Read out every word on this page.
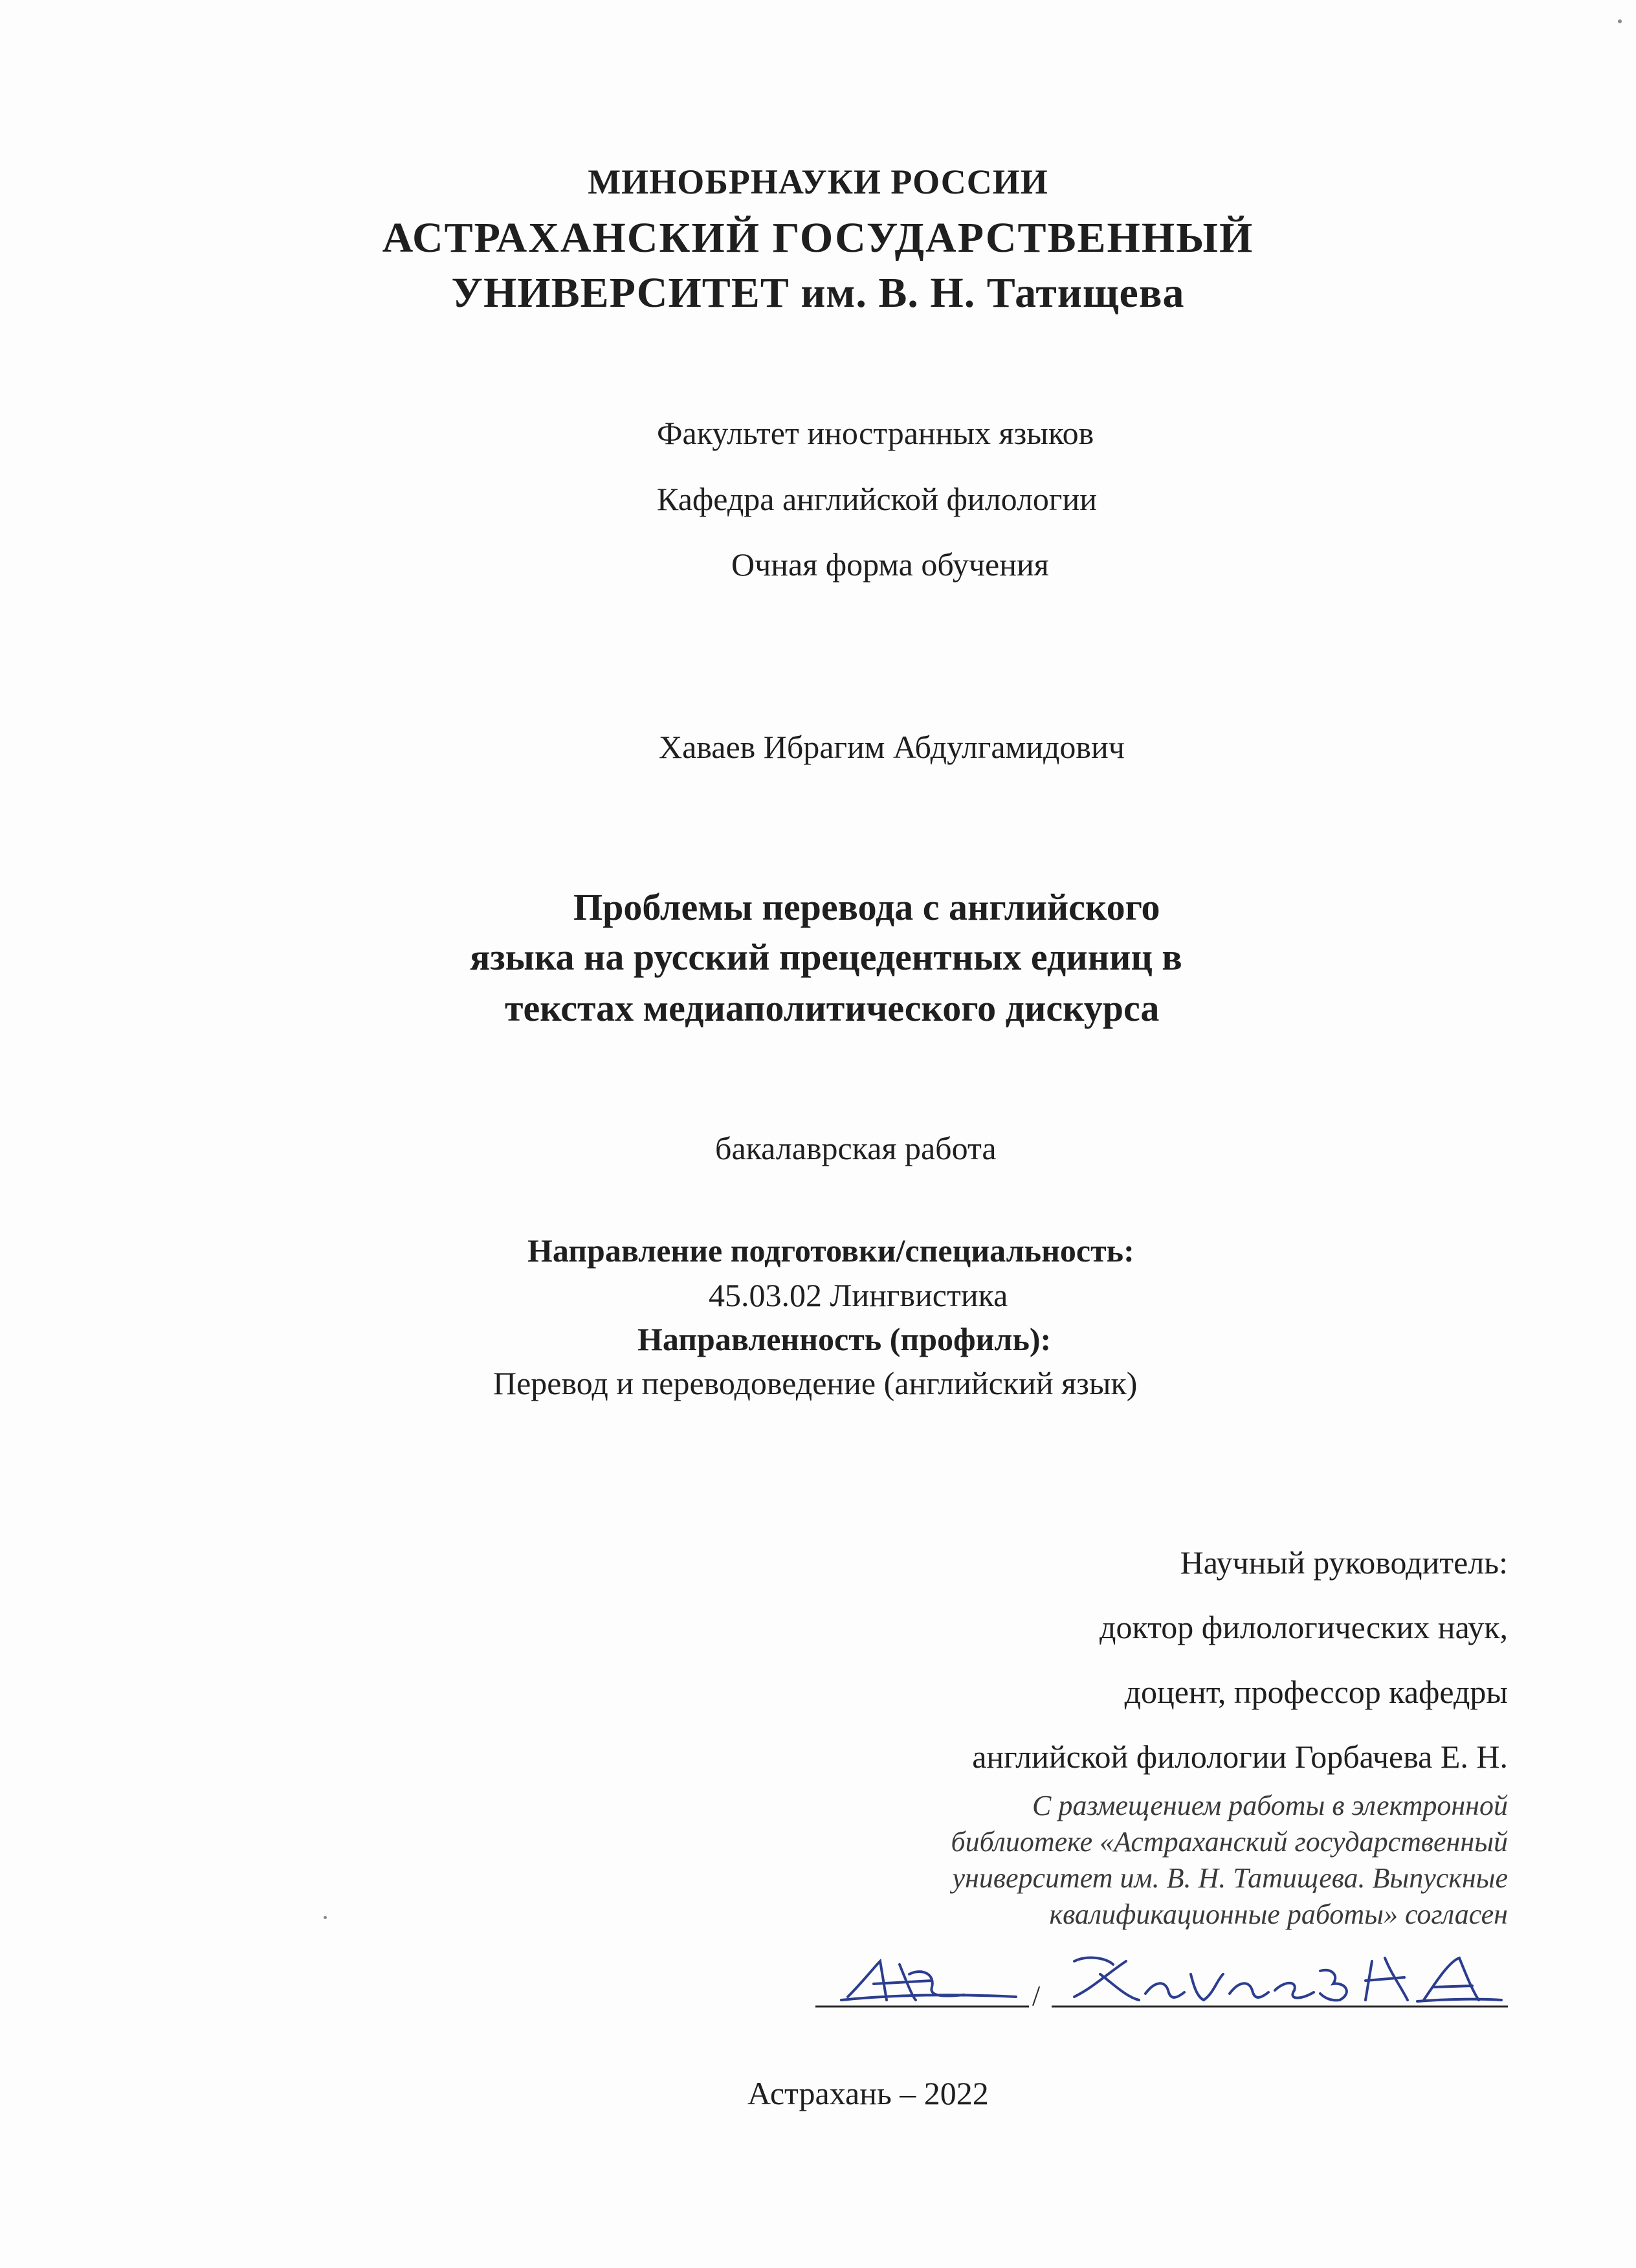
МИНОБРНАУКИ РОССИИ
АСТРАХАНСКИЙ ГОСУДАРСТВЕННЫЙ
УНИВЕРСИТЕТ им. В. Н. Татищева
Факультет иностранных языков
Кафедра английской филологии
Очная форма обучения
Хаваев Ибрагим Абдулгамидович
Проблемы перевода с английского
языка на русский прецедентных единиц в
текстах медиаполитического дискурса
бакалаврская работа
Направление подготовки/специальность:
45.03.02 Лингвистика
Направленность (профиль):
Перевод и переводоведение (английский язык)
Научный руководитель:
доктор филологических наук,
доцент, профессор кафедры
английской филологии Горбачева Е. Н.
С размещением работы в электронной
библиотеке «Астраханский государственный
университет им. В. Н. Татищева. Выпускные
квалификационные работы» согласен
/
Астрахань – 2022
